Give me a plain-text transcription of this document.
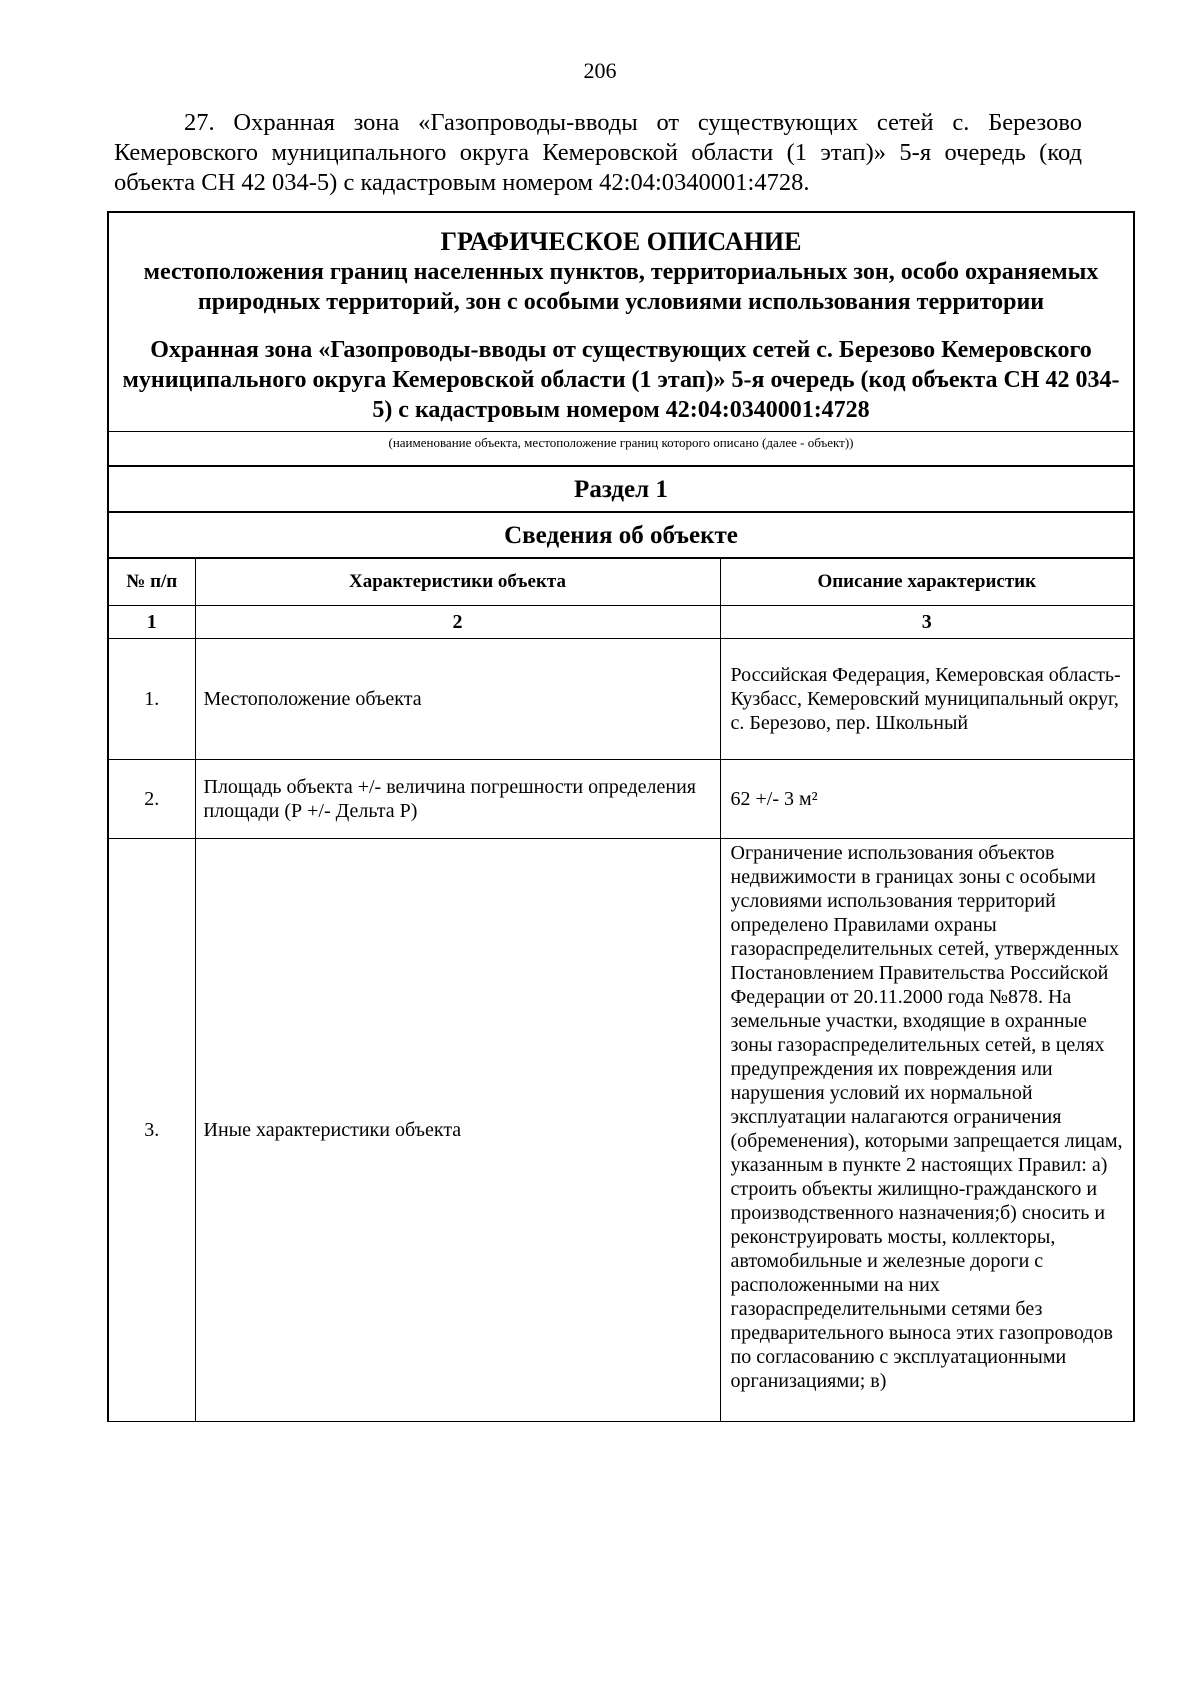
206
27. Охранная зона «Газопроводы-вводы от существующих сетей с. Березово Кемеровского муниципального округа Кемеровской области (1 этап)» 5-я очередь (код объекта СН 42 034-5) с кадастровым номером 42:04:0340001:4728.
ГРАФИЧЕСКОЕ ОПИСАНИЕ
местоположения границ населенных пунктов, территориальных зон, особо охраняемых природных территорий, зон с особыми условиями использования территории
Охранная зона «Газопроводы-вводы от существующих сетей с. Березово Кемеровского муниципального округа Кемеровской области (1 этап)» 5-я очередь (код объекта СН 42 034-5) с кадастровым номером 42:04:0340001:4728
(наименование объекта, местоположение границ которого описано (далее - объект))
Раздел 1
Сведения об объекте
№ п/п	Характеристики объекта	Описание характеристик
1	2	3
1.	Местоположение объекта	Российская Федерация, Кемеровская область-Кузбасс, Кемеровский муниципальный округ, с. Березово, пер. Школьный
2.	Площадь объекта +/- величина погрешности определения площади (Р +/- Дельта Р)	62 +/- 3 м²
3.	Иные характеристики объекта	Ограничение использования объектов недвижимости в границах зоны с особыми условиями использования территорий определено Правилами охраны газораспределительных сетей, утвержденных Постановлением Правительства Российской Федерации от 20.11.2000 года №878. На земельные участки, входящие в охранные зоны газораспределительных сетей, в целях предупреждения их повреждения или нарушения условий их нормальной эксплуатации налагаются ограничения (обременения), которыми запрещается лицам, указанным в пункте 2 настоящих Правил: а) строить объекты жилищно-гражданского и производственного назначения;б) сносить и реконструировать мосты, коллекторы, автомобильные и железные дороги с расположенными на них газораспределительными сетями без предварительного выноса этих газопроводов по согласованию с эксплуатационными организациями; в)
